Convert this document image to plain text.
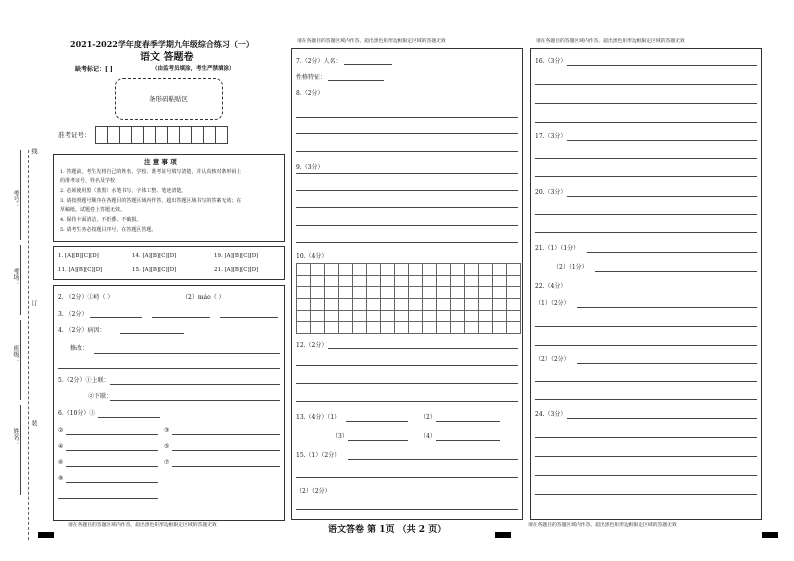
线
订
装
考号：
考场：
班级：
姓名：
2021-2022学年度春季学期九年级综合练习（一）
语文 答题卷
缺考标记：[ ]	（由监考员填涂，考生严禁填涂）
条形码粘贴区
准考证号：
注 意 事 项
1. 答题前，考生先将自己的姓名、学校、准考证号填写清楚，并认真核对条形码上
的准考证号、姓名及学校
2. 必须使用黑（蓝黑）水笔书写，字体工整、笔迹清楚。
3. 请按照题号顺序在各题目的答题区域内作答，超出答题区域书写的答案无效；在
草稿纸、试题卷上答题无效。
4. 保持卡面清洁，不折叠、不破损。
5. 请考生务必按题目序号，在答题区答题。
1. [A][B][C][D]	14. [A][B][C][D]	19. [A][B][C][D]
11. [A][B][C][D]	15. [A][B][C][D]	21. [A][B][C][D]
2. （2分）①峙（ ）	（2）máo（ ）
3. （2分）
4. （2分）病因：
修改：
5.（2分）①上联：
②下联：
6.（10分）①
②	③
④	⑤
⑥	⑦
⑧
请在各题目的答题区域内作答，超出黑色矩形边框限定区域的答题无效
请在各题目的答题区域内作答，超出黑色矩形边框限定区域的答题无效
7.（2分）人名：
性格特征：
8.（2分）
9.（3分）
10.（4分）
12.（2分）
13.（4分）（1）	（2）
（3）	（4）
15.（1）（2分）
（2）（2分）
语文答卷 第 1页 （共 2 页）
请在各题目的答题区域内作答，超出黑色矩形边框限定区域的答题无效
16.（3分）
17.（3分）
20.（3分）
21.（1）（1分）
（2）（1分）
22.（4分）
（1）（2分）
（2）（2分）
24.（3分）
请在各题目的答题区域内作答，超出黑色矩形边框限定区域的答题无效
